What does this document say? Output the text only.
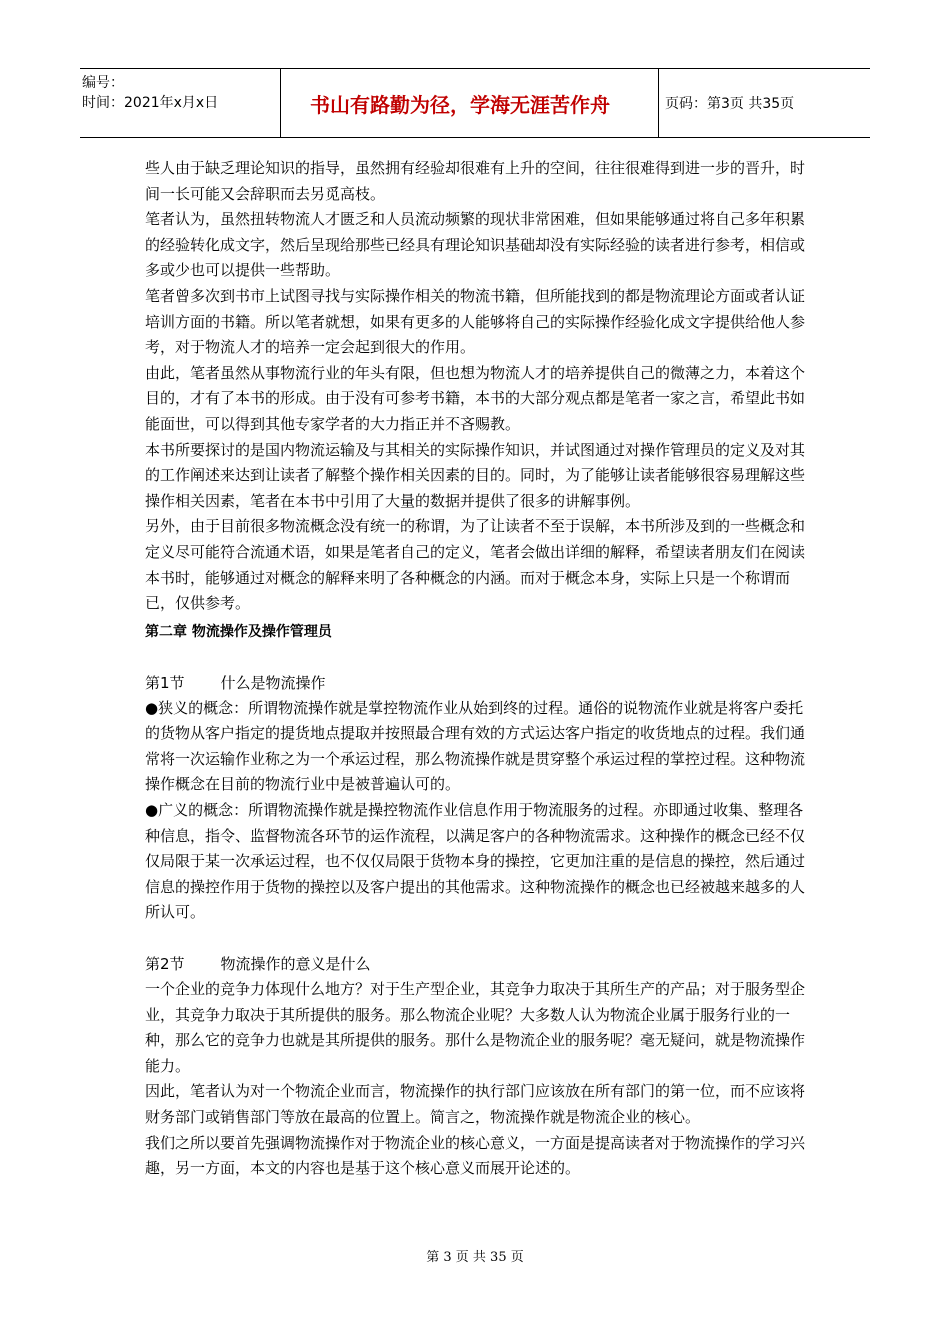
编号：
时间：2021年x月x日	书山有路勤为径，学海无涯苦作舟	页码：第3页 共35页

些人由于缺乏理论知识的指导，虽然拥有经验却很难有上升的空间，往往很难得到进一步的晋升，时间一长可能又会辞职而去另觅高枝。

笔者认为，虽然扭转物流人才匮乏和人员流动频繁的现状非常困难，但如果能够通过将自己多年积累的经验转化成文字，然后呈现给那些已经具有理论知识基础却没有实际经验的读者进行参考，相信或多或少也可以提供一些帮助。

笔者曾多次到书市上试图寻找与实际操作相关的物流书籍，但所能找到的都是物流理论方面或者认证培训方面的书籍。所以笔者就想，如果有更多的人能够将自己的实际操作经验化成文字提供给他人参考，对于物流人才的培养一定会起到很大的作用。

由此，笔者虽然从事物流行业的年头有限，但也想为物流人才的培养提供自己的微薄之力，本着这个目的，才有了本书的形成。由于没有可参考书籍，本书的大部分观点都是笔者一家之言，希望此书如能面世，可以得到其他专家学者的大力指正并不吝赐教。

本书所要探讨的是国内物流运输及与其相关的实际操作知识，并试图通过对操作管理员的定义及对其的工作阐述来达到让读者了解整个操作相关因素的目的。同时，为了能够让读者能够很容易理解这些操作相关因素，笔者在本书中引用了大量的数据并提供了很多的讲解事例。

另外，由于目前很多物流概念没有统一的称谓，为了让读者不至于误解，本书所涉及到的一些概念和定义尽可能符合流通术语，如果是笔者自己的定义，笔者会做出详细的解释，希望读者朋友们在阅读本书时，能够通过对概念的解释来明了各种概念的内涵。而对于概念本身，实际上只是一个称谓而已，仅供参考。

第二章 物流操作及操作管理员

第1节 什么是物流操作

●狭义的概念：所谓物流操作就是掌控物流作业从始到终的过程。通俗的说物流作业就是将客户委托的货物从客户指定的提货地点提取并按照最合理有效的方式运达客户指定的收货地点的过程。我们通常将一次运输作业称之为一个承运过程，那么物流操作就是贯穿整个承运过程的掌控过程。这种物流操作概念在目前的物流行业中是被普遍认可的。

●广义的概念：所谓物流操作就是操控物流作业信息作用于物流服务的过程。亦即通过收集、整理各种信息，指令、监督物流各环节的运作流程，以满足客户的各种物流需求。这种操作的概念已经不仅仅局限于某一次承运过程，也不仅仅局限于货物本身的操控，它更加注重的是信息的操控，然后通过信息的操控作用于货物的操控以及客户提出的其他需求。这种物流操作的概念也已经被越来越多的人所认可。

第2节 物流操作的意义是什么

一个企业的竞争力体现什么地方？对于生产型企业，其竞争力取决于其所生产的产品；对于服务型企业，其竞争力取决于其所提供的服务。那么物流企业呢？大多数人认为物流企业属于服务行业的一种，那么它的竞争力也就是其所提供的服务。那什么是物流企业的服务呢？毫无疑问，就是物流操作能力。

因此，笔者认为对一个物流企业而言，物流操作的执行部门应该放在所有部门的第一位，而不应该将财务部门或销售部门等放在最高的位置上。简言之，物流操作就是物流企业的核心。

我们之所以要首先强调物流操作对于物流企业的核心意义，一方面是提高读者对于物流操作的学习兴趣，另一方面，本文的内容也是基于这个核心意义而展开论述的。

第 3 页 共 35 页
